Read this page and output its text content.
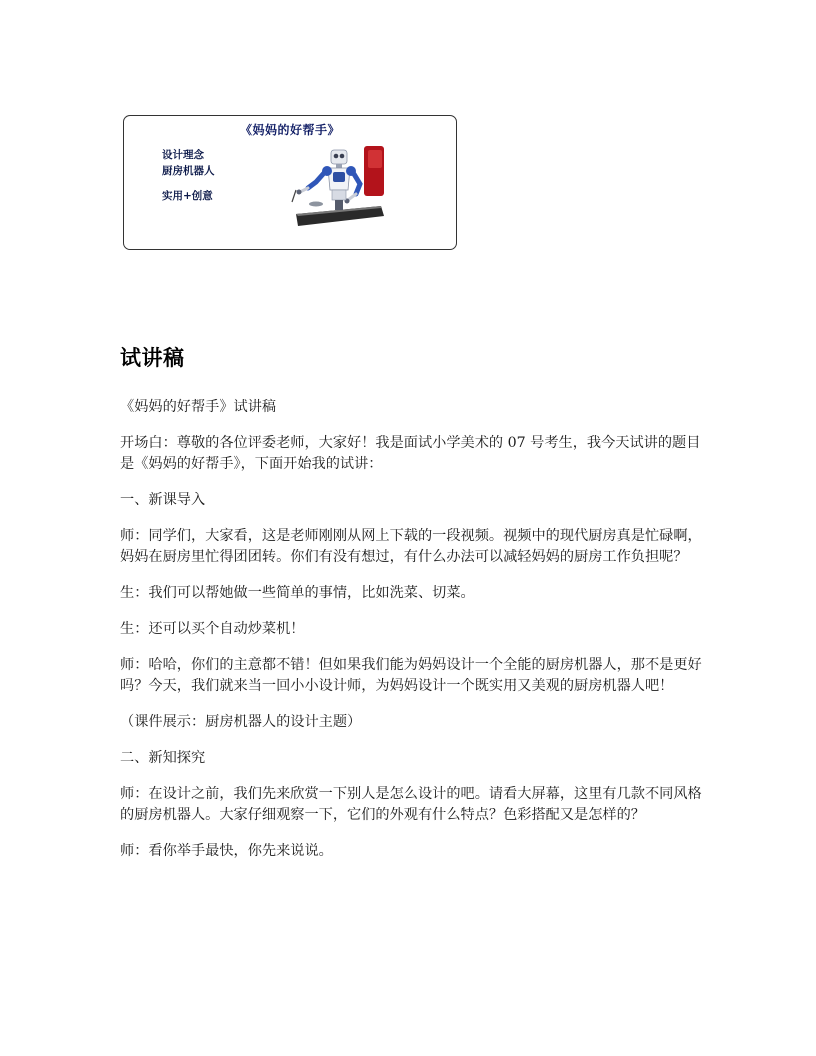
《妈妈的好帮手》
设计理念
厨房机器人
实用+创意
试讲稿

《妈妈的好帮手》试讲稿

开场白：尊敬的各位评委老师，大家好！我是面试小学美术的 07 号考生，我今天试讲的题目是《妈妈的好帮手》，下面开始我的试讲：

一、新课导入

师：同学们，大家看，这是老师刚刚从网上下载的一段视频。视频中的现代厨房真是忙碌啊，妈妈在厨房里忙得团团转。你们有没有想过，有什么办法可以减轻妈妈的厨房工作负担呢？

生：我们可以帮她做一些简单的事情，比如洗菜、切菜。

生：还可以买个自动炒菜机！

师：哈哈，你们的主意都不错！但如果我们能为妈妈设计一个全能的厨房机器人，那不是更好吗？今天，我们就来当一回小小设计师，为妈妈设计一个既实用又美观的厨房机器人吧！

（课件展示：厨房机器人的设计主题）

二、新知探究

师：在设计之前，我们先来欣赏一下别人是怎么设计的吧。请看大屏幕，这里有几款不同风格的厨房机器人。大家仔细观察一下，它们的外观有什么特点？色彩搭配又是怎样的？

师：看你举手最快，你先来说说。
